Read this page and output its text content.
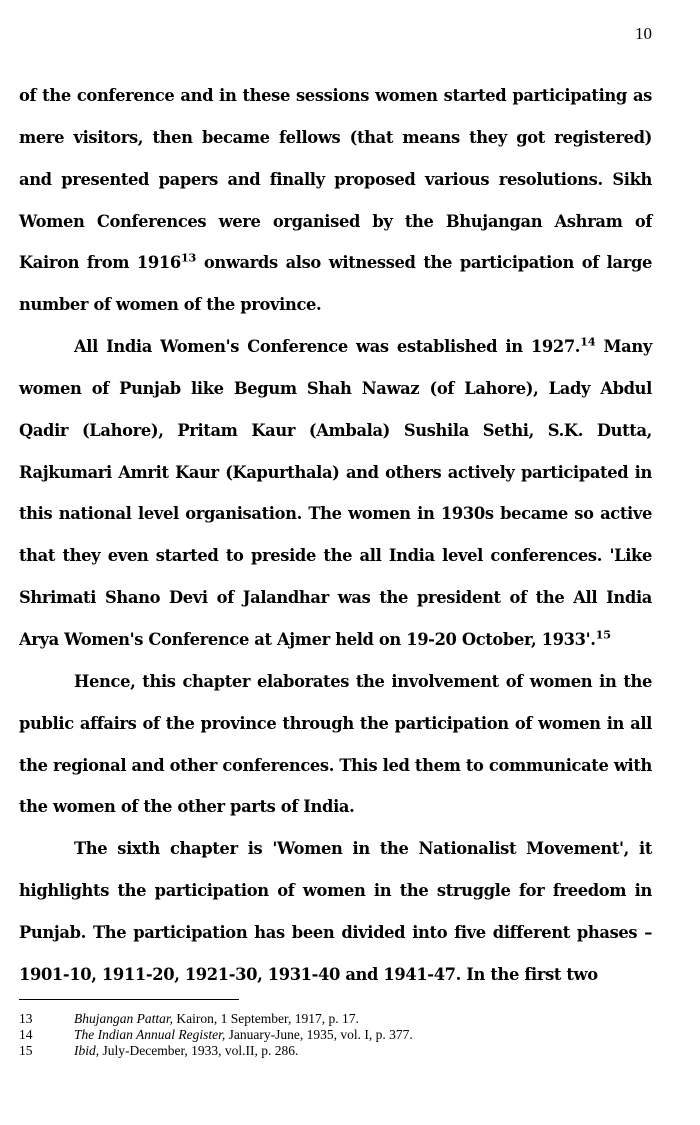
10

of the conference and in these sessions women started participating as mere visitors, then became fellows (that means they got registered) and presented papers and finally proposed various resolutions. Sikh Women Conferences were organised by the Bhujangan Ashram of Kairon from 1916$^{13}$ onwards also witnessed the participation of large number of women of the province.

All India Women's Conference was established in 1927.14 Many women of Punjab like Begum Shah Nawaz (of Lahore), Lady Abdul Qadir (Lahore), Pritam Kaur (Ambala) Sushila Sethi, S.K. Dutta, Rajkumari Amrit Kaur (Kapurthala) and others actively participated in this national level organisation. The women in 1930s became so active that they even started to preside the all India level conferences. 'Like Shrimati Shano Devi of Jalandhar was the president of the All India Arya Women's Conference at Ajmer held on 19-20 October, 1933'.$^{15}$

Hence, this chapter elaborates the involvement of women in the public affairs of the province through the participation of women in all the regional and other conferences. This led them to communicate with the women of the other parts of India.

The sixth chapter is 'Women in the Nationalist Movement', it highlights the participation of women in the struggle for freedom in Punjab. The participation has been divided into five different phases – 1901-10, 1911-20, 1921-30, 1931-40 and 1941-47. In the first two

13	Bhujangan Pattar, Kairon, 1 September, 1917, p. 17.
14	The Indian Annual Register, January-June, 1935, vol. I, p. 377.
15	Ibid, July-December, 1933, vol.II, p. 286.
